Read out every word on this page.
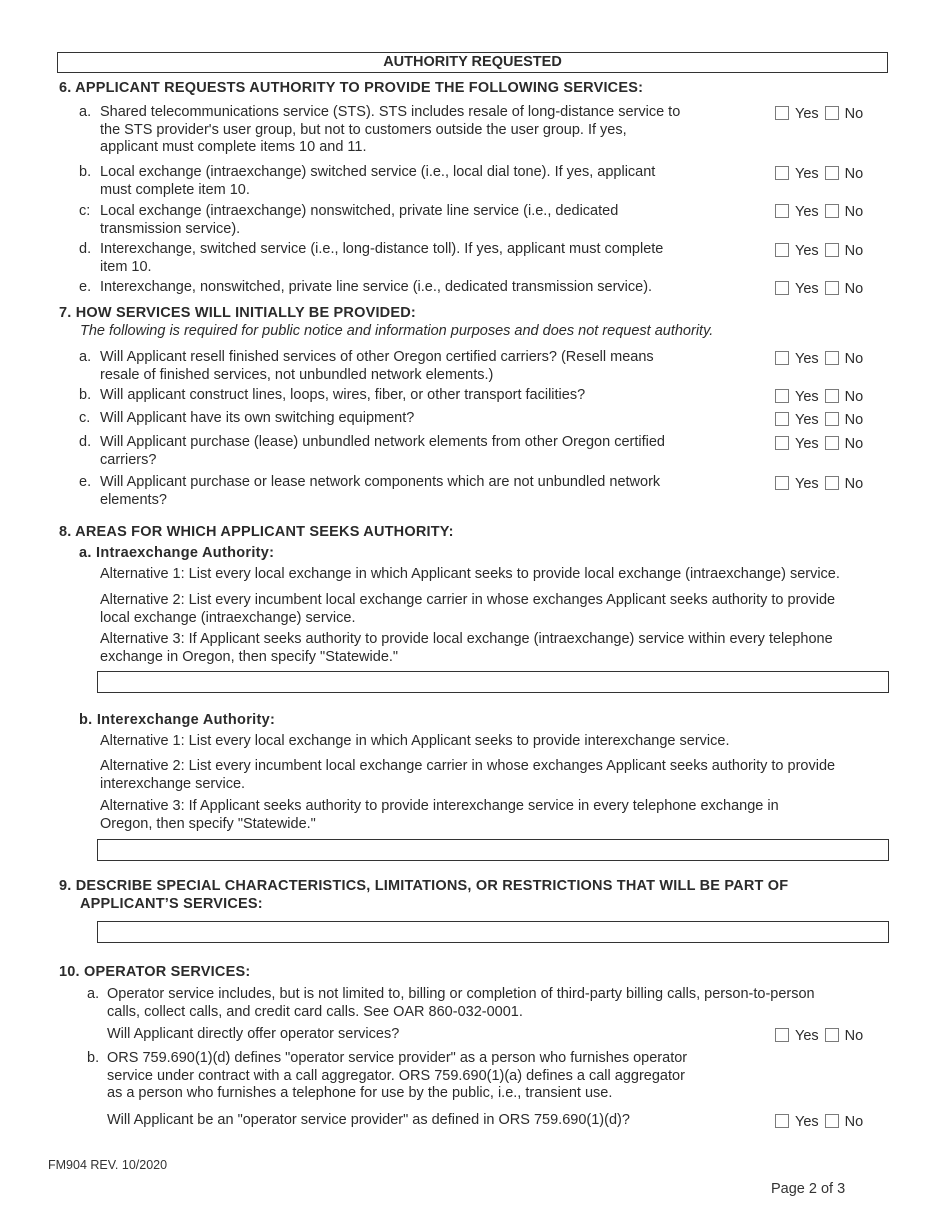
AUTHORITY REQUESTED
6. APPLICANT REQUESTS AUTHORITY TO PROVIDE THE FOLLOWING SERVICES:
a. Shared telecommunications service (STS). STS includes resale of long-distance service to
the STS provider's user group, but not to customers outside the user group. If yes,
applicant must complete items 10 and 11.
Yes No
b. Local exchange (intraexchange) switched service (i.e., local dial tone). If yes, applicant
must complete item 10.
Yes No
c: Local exchange (intraexchange) nonswitched, private line service (i.e., dedicated
transmission service).
Yes No
d. Interexchange, switched service (i.e., long-distance toll). If yes, applicant must complete
item 10.
Yes No
e. Interexchange, nonswitched, private line service (i.e., dedicated transmission service).	Yes No
7. HOW SERVICES WILL INITIALLY BE PROVIDED:
The following is required for public notice and information purposes and does not request authority.
a. Will Applicant resell finished services of other Oregon certified carriers? (Resell means
resale of finished services, not unbundled network elements.)
Yes No
b. Will applicant construct lines, loops, wires, fiber, or other transport facilities?	Yes No
c. Will Applicant have its own switching equipment?	Yes No
d. Will Applicant purchase (lease) unbundled network elements from other Oregon certified
carriers?
Yes No
e. Will Applicant purchase or lease network components which are not unbundled network
elements?
Yes No
8. AREAS FOR WHICH APPLICANT SEEKS AUTHORITY:
a. Intraexchange Authority:
Alternative 1: List every local exchange in which Applicant seeks to provide local exchange (intraexchange) service.
Alternative 2: List every incumbent local exchange carrier in whose exchanges Applicant seeks authority to provide
local exchange (intraexchange) service.
Alternative 3: If Applicant seeks authority to provide local exchange (intraexchange) service within every telephone
exchange in Oregon, then specify "Statewide."
b. Interexchange Authority:
Alternative 1: List every local exchange in which Applicant seeks to provide interexchange service.
Alternative 2: List every incumbent local exchange carrier in whose exchanges Applicant seeks authority to provide
interexchange service.
Alternative 3: If Applicant seeks authority to provide interexchange service in every telephone exchange in
Oregon, then specify "Statewide."
9. DESCRIBE SPECIAL CHARACTERISTICS, LIMITATIONS, OR RESTRICTIONS THAT WILL BE PART OF
APPLICANT’S SERVICES:
10. OPERATOR SERVICES:
a. Operator service includes, but is not limited to, billing or completion of third-party billing calls, person-to-person
calls, collect calls, and credit card calls. See OAR 860-032-0001.
Will Applicant directly offer operator services?	Yes No
b. ORS 759.690(1)(d) defines "operator service provider" as a person who furnishes operator
service under contract with a call aggregator. ORS 759.690(1)(a) defines a call aggregator
as a person who furnishes a telephone for use by the public, i.e., transient use.
Will Applicant be an "operator service provider" as defined in ORS 759.690(1)(d)?	Yes No
FM904 REV. 10/2020
Page 2 of 3
